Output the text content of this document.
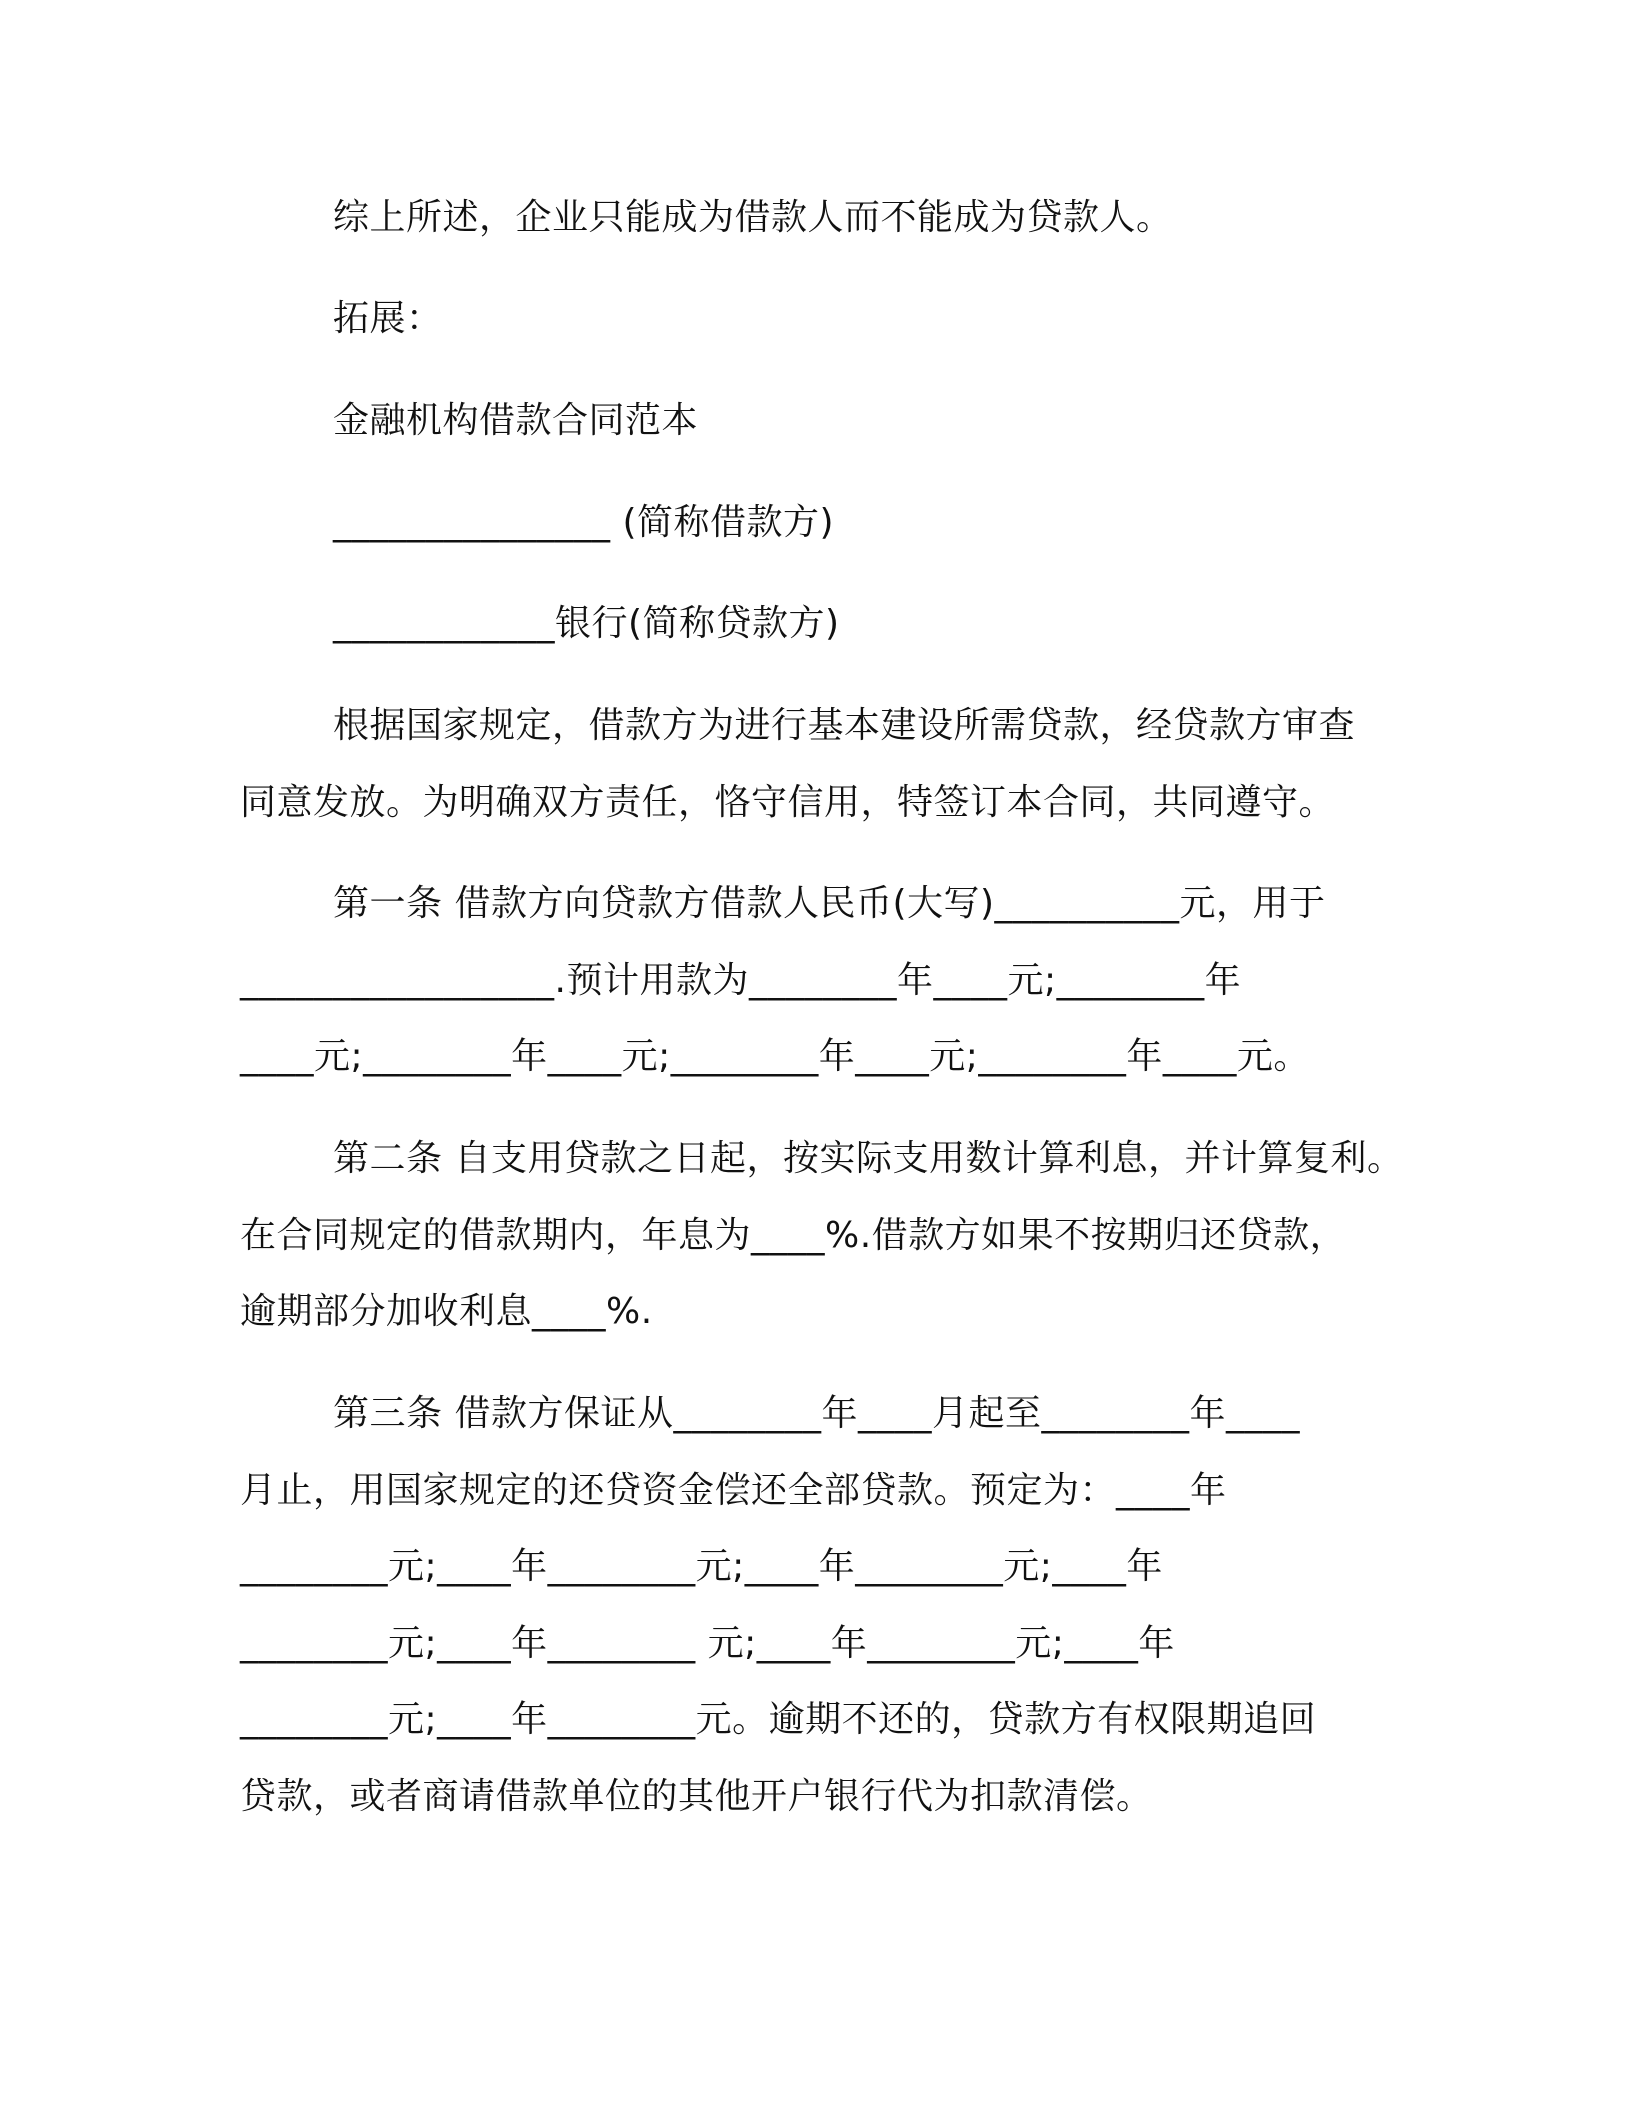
综上所述，企业只能成为借款人而不能成为贷款人。
拓展：
金融机构借款合同范本
_______________ (简称借款方)
____________银行(简称贷款方)
根据国家规定，借款方为进行基本建设所需贷款，经贷款方审查
同意发放。为明确双方责任，恪守信用，特签订本合同，共同遵守。
第一条 借款方向贷款方借款人民币(大写)__________元，用于
_________________.预计用款为________年____元;________年
____元;________年____元;________年____元;________年____元。
第二条 自支用贷款之日起，按实际支用数计算利息，并计算复利。
在合同规定的借款期内，年息为____%.借款方如果不按期归还贷款，
逾期部分加收利息____%.
第三条 借款方保证从________年____月起至________年____
月止，用国家规定的还贷资金偿还全部贷款。预定为：____年
________元;____年________元;____年________元;____年
________元;____年________ 元;____年________元;____年
________元;____年________元。逾期不还的，贷款方有权限期追回
贷款，或者商请借款单位的其他开户银行代为扣款清偿。
